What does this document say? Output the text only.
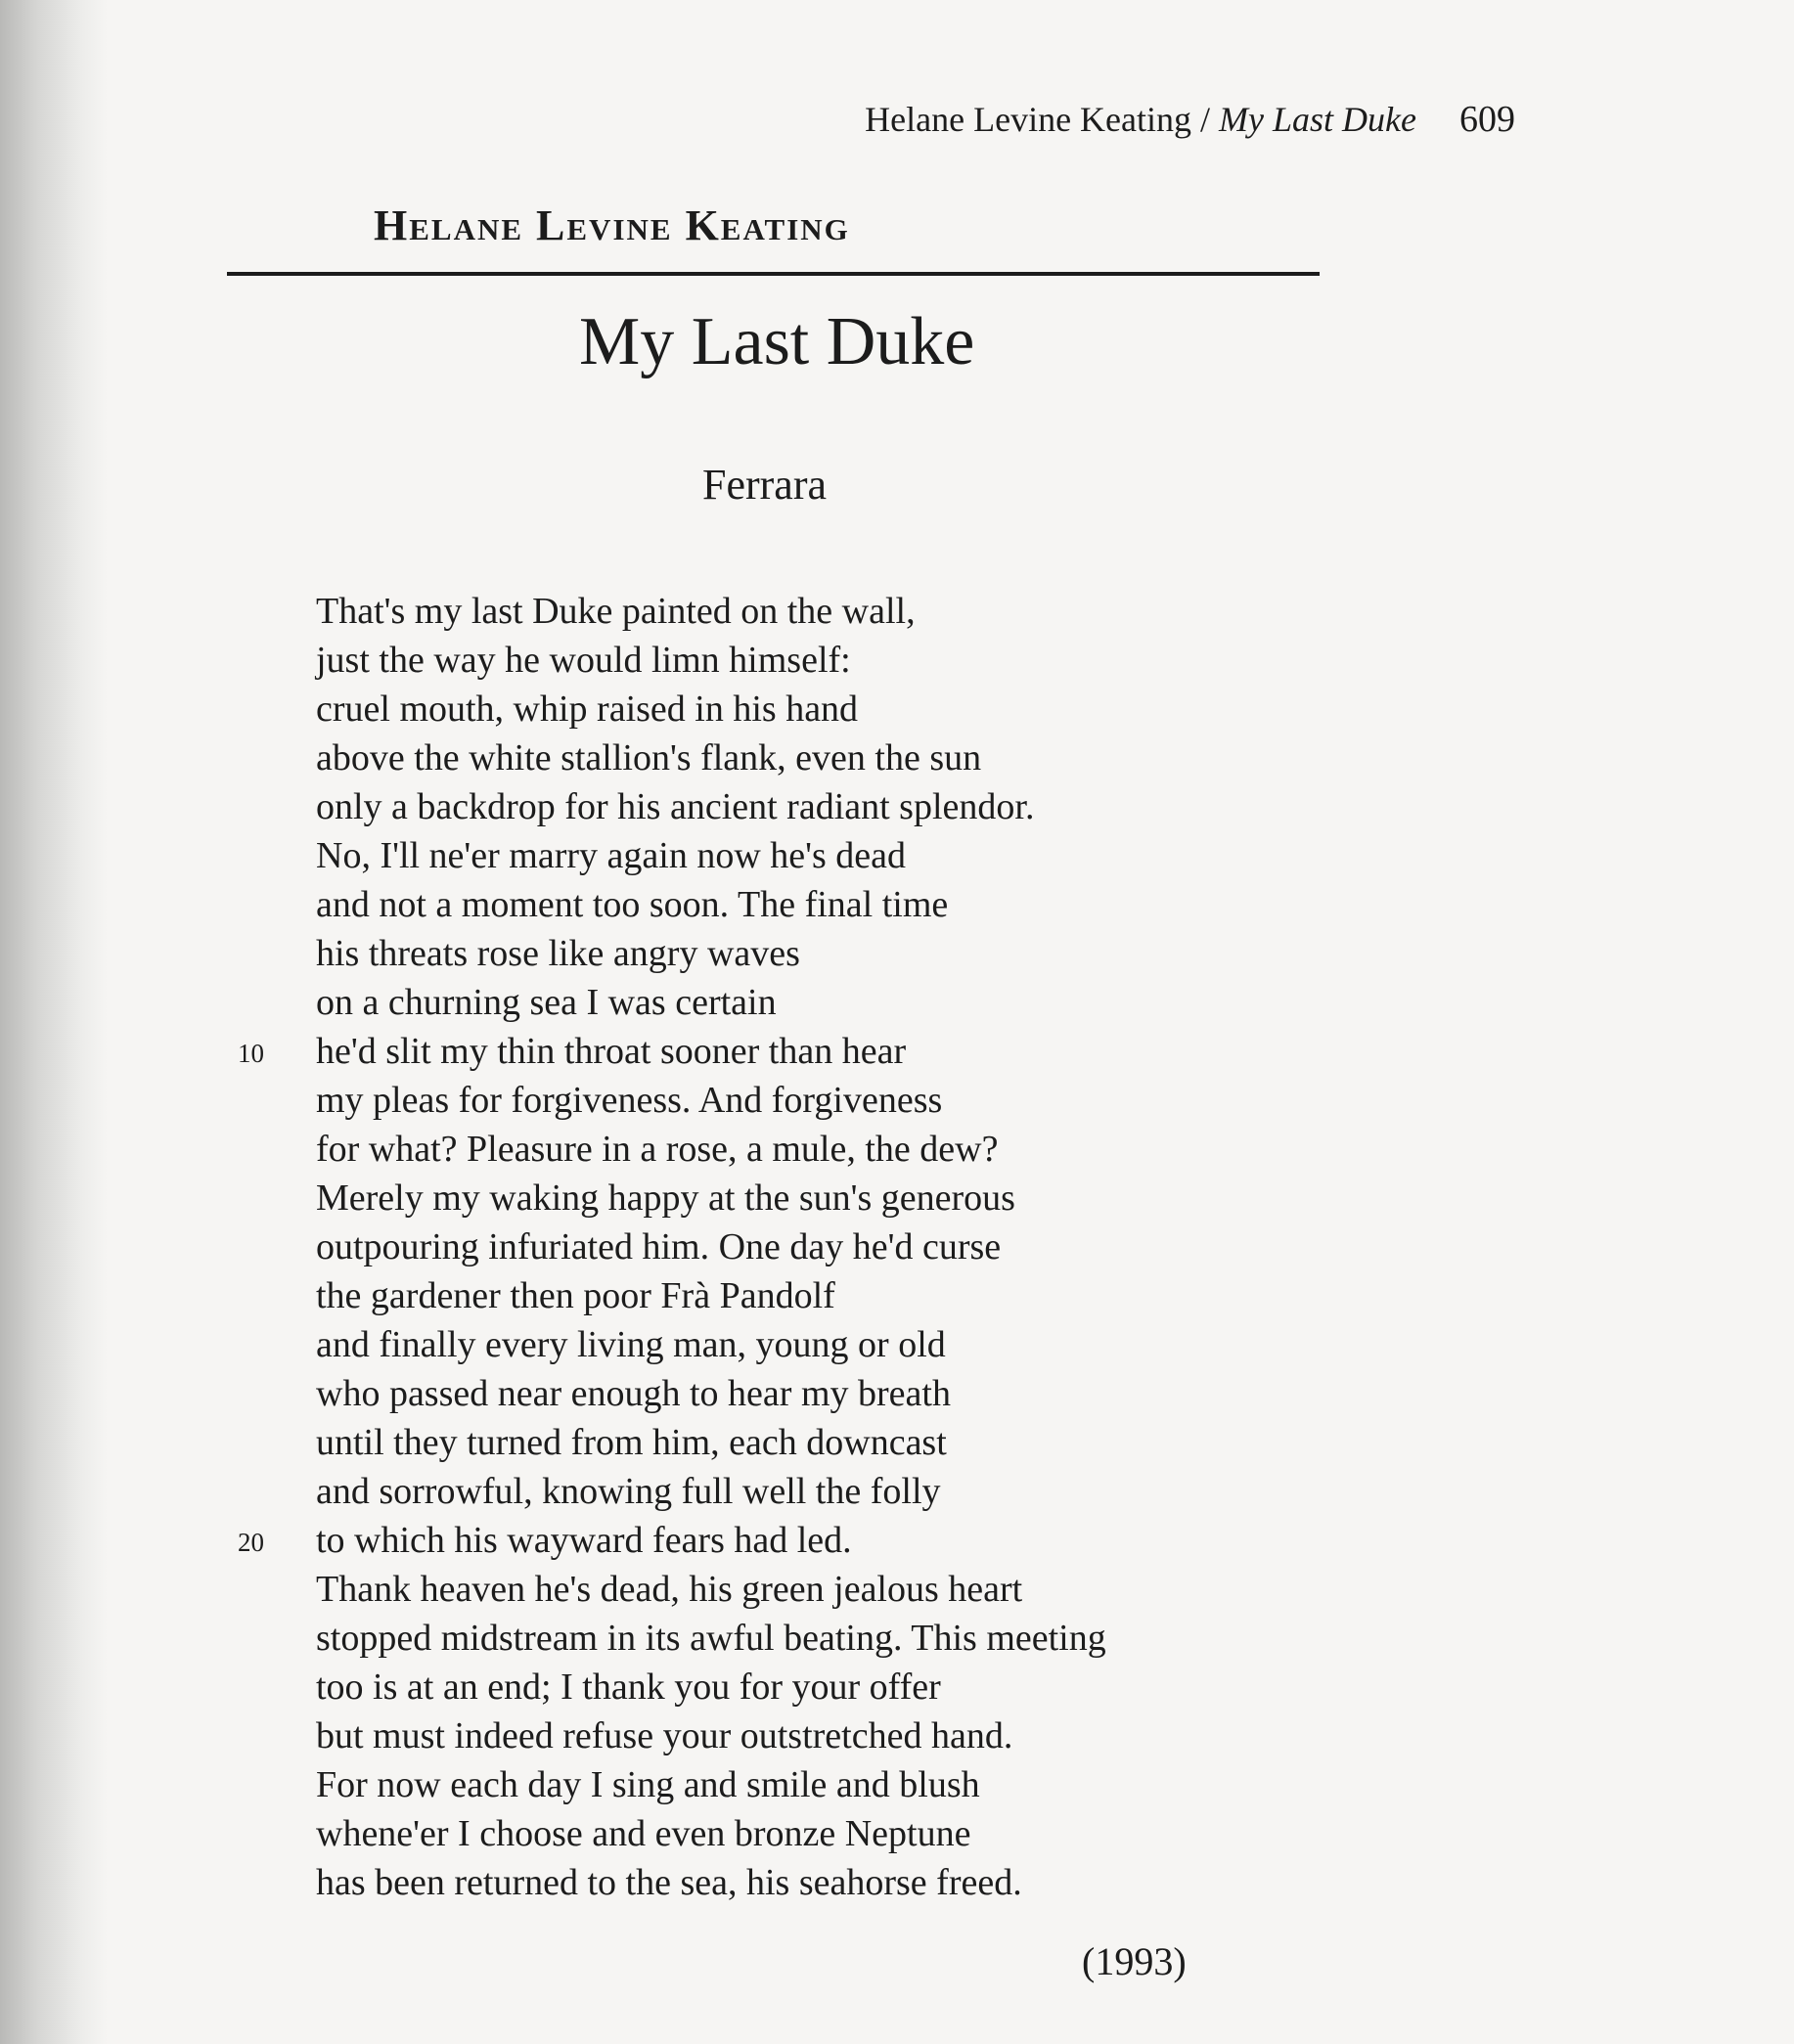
Helane Levine Keating / My Last Duke 609
Helane Levine Keating
My Last Duke
Ferrara
That's my last Duke painted on the wall,
just the way he would limn himself:
cruel mouth, whip raised in his hand
above the white stallion's flank, even the sun
only a backdrop for his ancient radiant splendor.
No, I'll ne'er marry again now he's dead
and not a moment too soon. The final time
his threats rose like angry waves
on a churning sea I was certain
10 he'd slit my thin throat sooner than hear
my pleas for forgiveness. And forgiveness
for what? Pleasure in a rose, a mule, the dew?
Merely my waking happy at the sun's generous
outpouring infuriated him. One day he'd curse
the gardener then poor Frà Pandolf
and finally every living man, young or old
who passed near enough to hear my breath
until they turned from him, each downcast
and sorrowful, knowing full well the folly
20 to which his wayward fears had led.
Thank heaven he's dead, his green jealous heart
stopped midstream in its awful beating. This meeting
too is at an end; I thank you for your offer
but must indeed refuse your outstretched hand.
For now each day I sing and smile and blush
whene'er I choose and even bronze Neptune
has been returned to the sea, his seahorse freed.
(1993)
